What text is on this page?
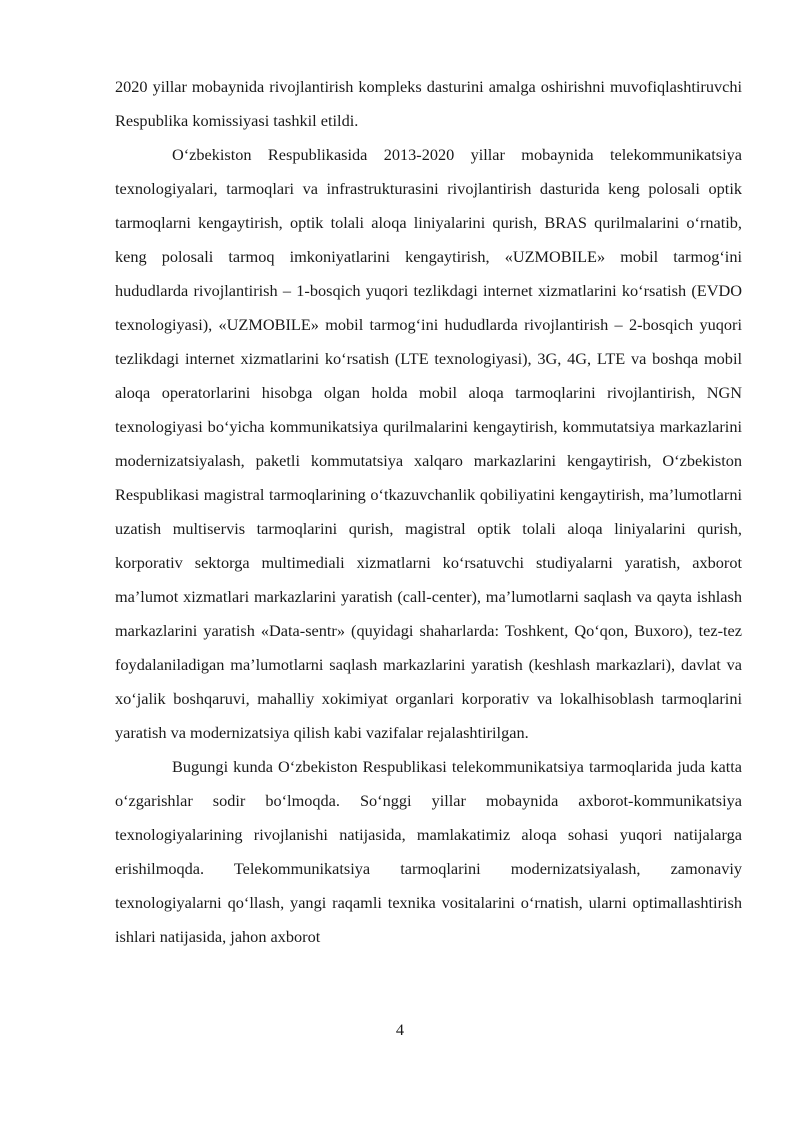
2020 yillar mobaynida rivojlantirish kompleks dasturini amalga oshirishni muvofiqlashtiruvchi Respublika komissiyasi tashkil etildi.

O‘zbekiston Respublikasida 2013-2020 yillar mobaynida telekommunikatsiya texnologiyalari, tarmoqlari va infrastrukturasini rivojlantirish dasturida keng polosali optik tarmoqlarni kengaytirish, optik tolali aloqa liniyalarini qurish, BRAS qurilmalarini o‘rnatib, keng polosali tarmoq imkoniyatlarini kengaytirish, «UZMOBILE» mobil tarmog‘ini hududlarda rivojlantirish – 1-bosqich yuqori tezlikdagi internet xizmatlarini ko‘rsatish (EVDO texnologiyasi), «UZMOBILE» mobil tarmog‘ini hududlarda rivojlantirish – 2-bosqich yuqori tezlikdagi internet xizmatlarini ko‘rsatish (LTE texnologiyasi), 3G, 4G, LTE va boshqa mobil aloqa operatorlarini hisobga olgan holda mobil aloqa tarmoqlarini rivojlantirish, NGN texnologiyasi bo‘yicha kommunikatsiya qurilmalarini kengaytirish, kommutatsiya markazlarini modernizatsiyalash, paketli kommutatsiya xalqaro markazlarini kengaytirish, O‘zbekiston Respublikasi magistral tarmoqlarining o‘tkazuvchanlik qobiliyatini kengaytirish, ma’lumotlarni uzatish multiservis tarmoqlarini qurish, magistral optik tolali aloqa liniyalarini qurish, korporativ sektorga multimediali xizmatlarni ko‘rsatuvchi studiyalarni yaratish, axborot ma’lumot xizmatlari markazlarini yaratish (call-center), ma’lumotlarni saqlash va qayta ishlash markazlarini yaratish «Data-sentr» (quyidagi shaharlarda: Toshkent, Qo‘qon, Buxoro), tez-tez foydalaniladigan ma’lumotlarni saqlash markazlarini yaratish (keshlash markazlari), davlat va xo‘jalik boshqaruvi, mahalliy xokimiyat organlari korporativ va lokalhisoblash tarmoqlarini yaratish va modernizatsiya qilish kabi vazifalar rejalashtirilgan.

Bugungi kunda O‘zbekiston Respublikasi telekommunikatsiya tarmoqlarida juda katta o‘zgarishlar sodir bo‘lmoqda. So‘nggi yillar mobaynida axborot-kommunikatsiya texnologiyalarining rivojlanishi natijasida, mamlakatimiz aloqa sohasi yuqori natijalarga erishilmoqda. Telekommunikatsiya tarmoqlarini modernizatsiyalash, zamonaviy texnologiyalarni qo‘llash, yangi raqamli texnika vositalarini o‘rnatish, ularni optimallashtirish ishlari natijasida, jahon axborot

4
